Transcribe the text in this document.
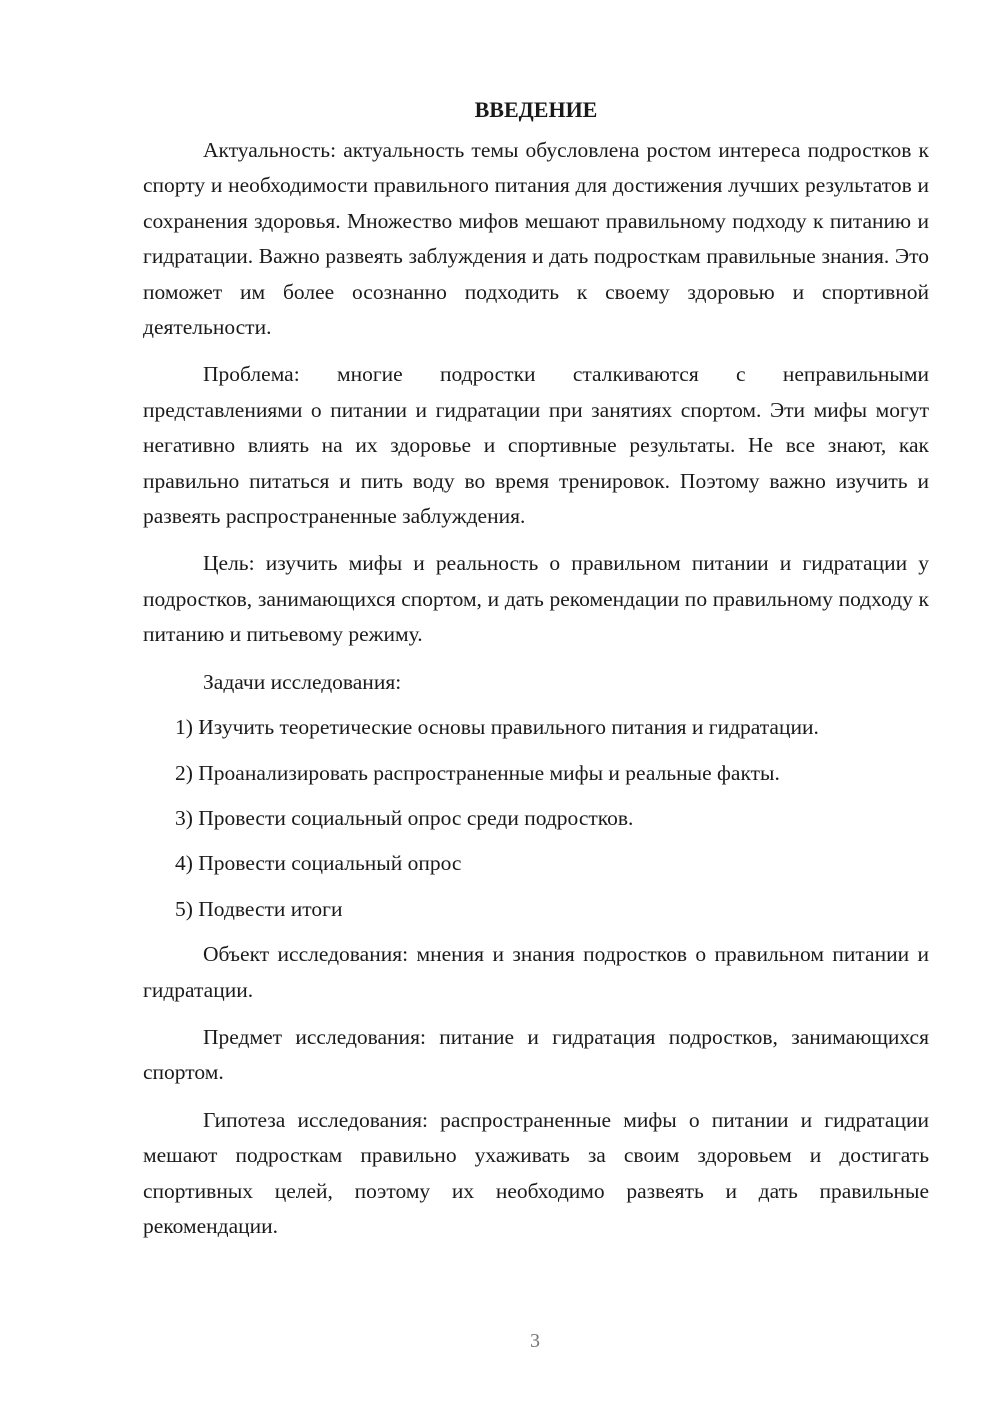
ВВЕДЕНИЕ

Актуальность: актуальность темы обусловлена ростом интереса подростков к спорту и необходимости правильного питания для достижения лучших результатов и сохранения здоровья. Множество мифов мешают правильному подходу к питанию и гидратации. Важно развеять заблуждения и дать подросткам правильные знания. Это поможет им более осознанно подходить к своему здоровью и спортивной деятельности.

Проблема: многие подростки сталкиваются с неправильными представлениями о питании и гидратации при занятиях спортом. Эти мифы могут негативно влиять на их здоровье и спортивные результаты. Не все знают, как правильно питаться и пить воду во время тренировок. Поэтому важно изучить и развеять распространенные заблуждения.

Цель: изучить мифы и реальность о правильном питании и гидратации у подростков, занимающихся спортом, и дать рекомендации по правильному подходу к питанию и питьевому режиму.

Задачи исследования:

1) Изучить теоретические основы правильного питания и гидратации.
2) Проанализировать распространенные мифы и реальные факты.
3) Провести социальный опрос среди подростков.
4) Провести социальный опрос
5) Подвести итоги

Объект исследования: мнения и знания подростков о правильном питании и гидратации.

Предмет исследования: питание и гидратация подростков, занимающихся спортом.

Гипотеза исследования: распространенные мифы о питании и гидратации мешают подросткам правильно ухаживать за своим здоровьем и достигать спортивных целей, поэтому их необходимо развеять и дать правильные рекомендации.

3
